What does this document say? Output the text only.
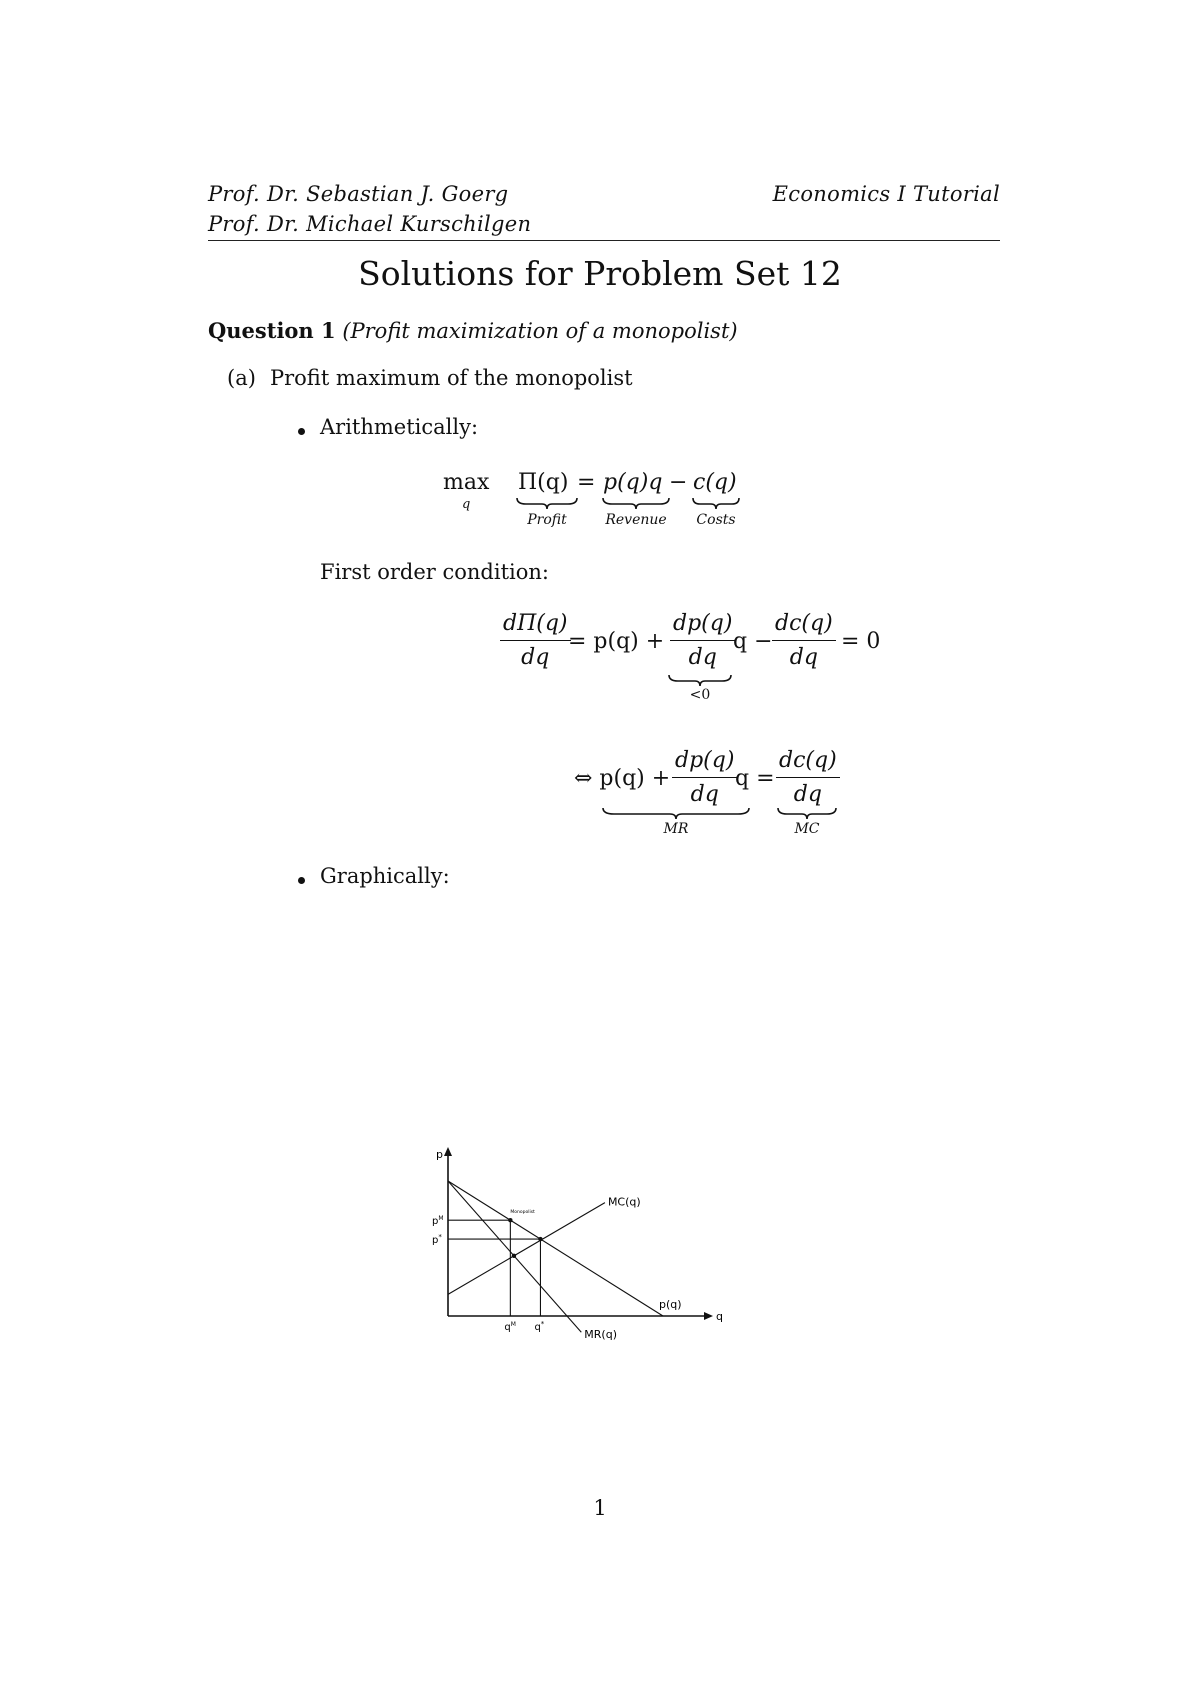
Prof. Dr. Sebastian J. Goerg
Prof. Dr. Michael Kurschilgen
Economics I Tutorial
Solutions for Problem Set 12
Question 1 (Profit maximization of a monopolist)
(a) Profit maximum of the monopolist
Arithmetically:
max
q
Π(q) = p(q)q − c(q)
Profit	Revenue	Costs
First order condition:
$\frac{d\Pi(q)}{dq}$
= $p(q) + \frac{dp(q)}{dq}$
$q - \frac{dc(q)}{dq} = 0$
<0
⇔ $p(q) + \frac{dp(q)}{dq}$
$q = \frac{dc(q)}{dq}$
MR	MC
Graphically:
q
p
p(q)
MR(q)
MC(q)
Monopolist
$q^M$ q*
$p^M$
p*
1
